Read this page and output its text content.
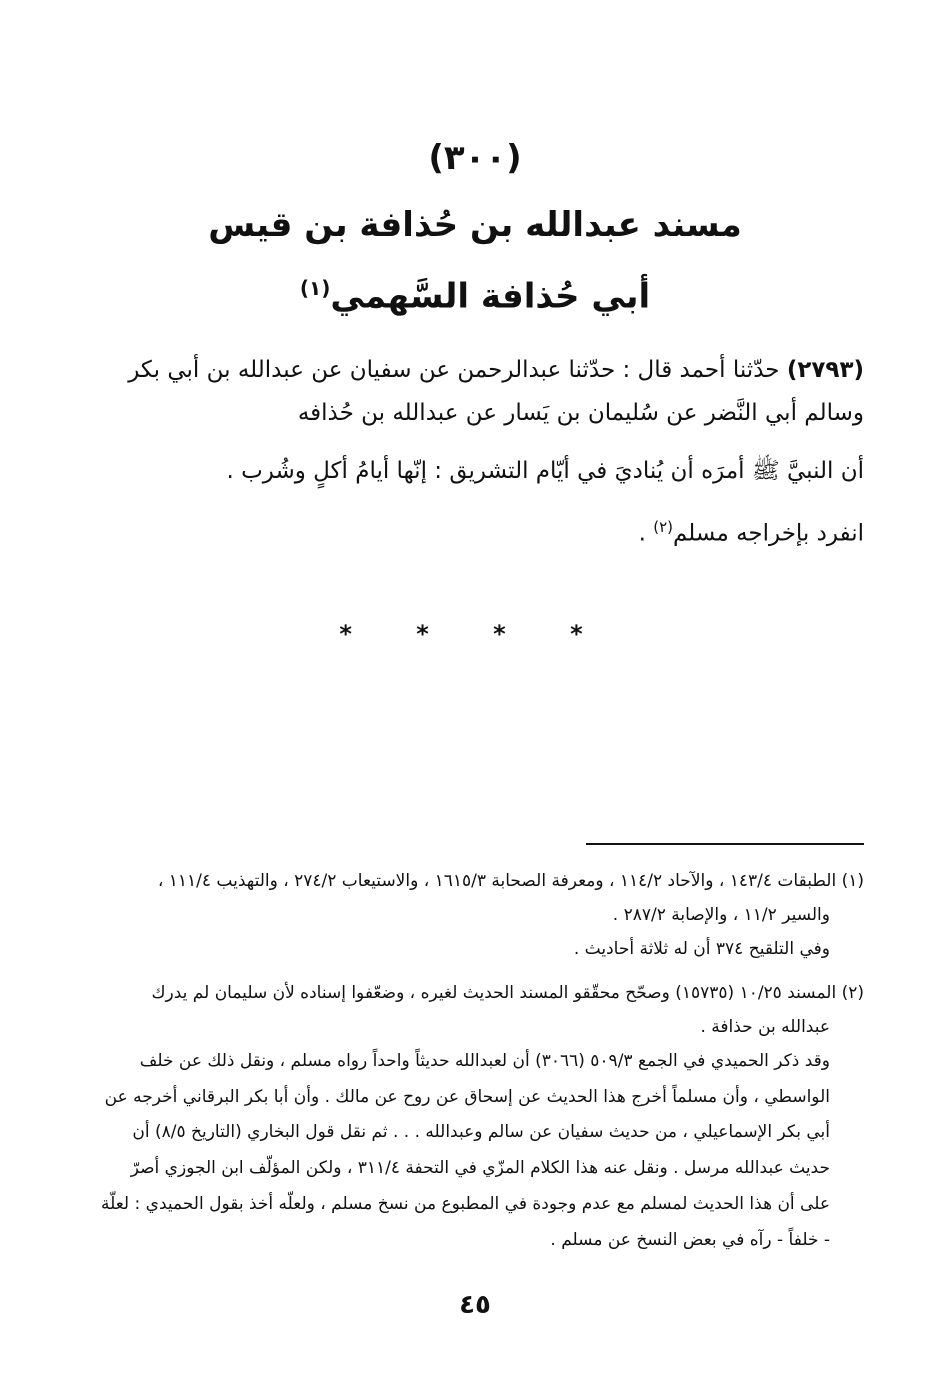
(٣٠٠)
مسند عبدالله بن حُذافة بن قيس
أبي حُذافة السَّهمي$^{(١)}$
(٢٧٩٣) حدّثنا أحمد قال : حدّثنا عبدالرحمن عن سفيان عن عبدالله بن أبي بكر
وسالم أبي النَّضر عن سُليمان بن يَسار عن عبدالله بن حُذافه
أن النبيَّ ﷺ أمرَه أن يُناديَ في أيّام التشريق : إنّها أيامُ أكلٍ وشُرب .
انفرد بإخراجه مسلم$^{(٢)}$ .
* * * *
(١) الطبقات ١٤٣/٤ ، والآحاد ١١٤/٢ ، ومعرفة الصحابة ١٦١٥/٣ ، والاستيعاب ٢٧٤/٢ ، والتهذيب ١١١/٤ ،
والسير ١١/٢ ، والإصابة ٢٨٧/٢ .
وفي التلقيح ٣٧٤ أن له ثلاثة أحاديث .
(٢) المسند ١٠/٢٥ (١٥٧٣٥) وصحّح محقّقو المسند الحديث لغيره ، وضعّفوا إسناده لأن سليمان لم يدرك
عبدالله بن حذافة .
وقد ذكر الحميدي في الجمع ٥٠٩/٣ (٣٠٦٦) أن لعبدالله حديثاً واحداً رواه مسلم ، ونقل ذلك عن خلف
الواسطي ، وأن مسلماً أخرج هذا الحديث عن إسحاق عن روح عن مالك . وأن أبا بكر البرقاني أخرجه عن
أبي بكر الإسماعيلي ، من حديث سفيان عن سالم وعبدالله . . . ثم نقل قول البخاري (التاريخ ٨/٥) أن
حديث عبدالله مرسل . ونقل عنه هذا الكلام المزّي في التحفة ٣١١/٤ ، ولكن المؤلّف ابن الجوزي أصرّ
على أن هذا الحديث لمسلم مع عدم وجودة في المطبوع من نسخ مسلم ، ولعلّه أخذ بقول الحميدي : لعلّة
- خلفاً - رآه في بعض النسخ عن مسلم .
٤٥
